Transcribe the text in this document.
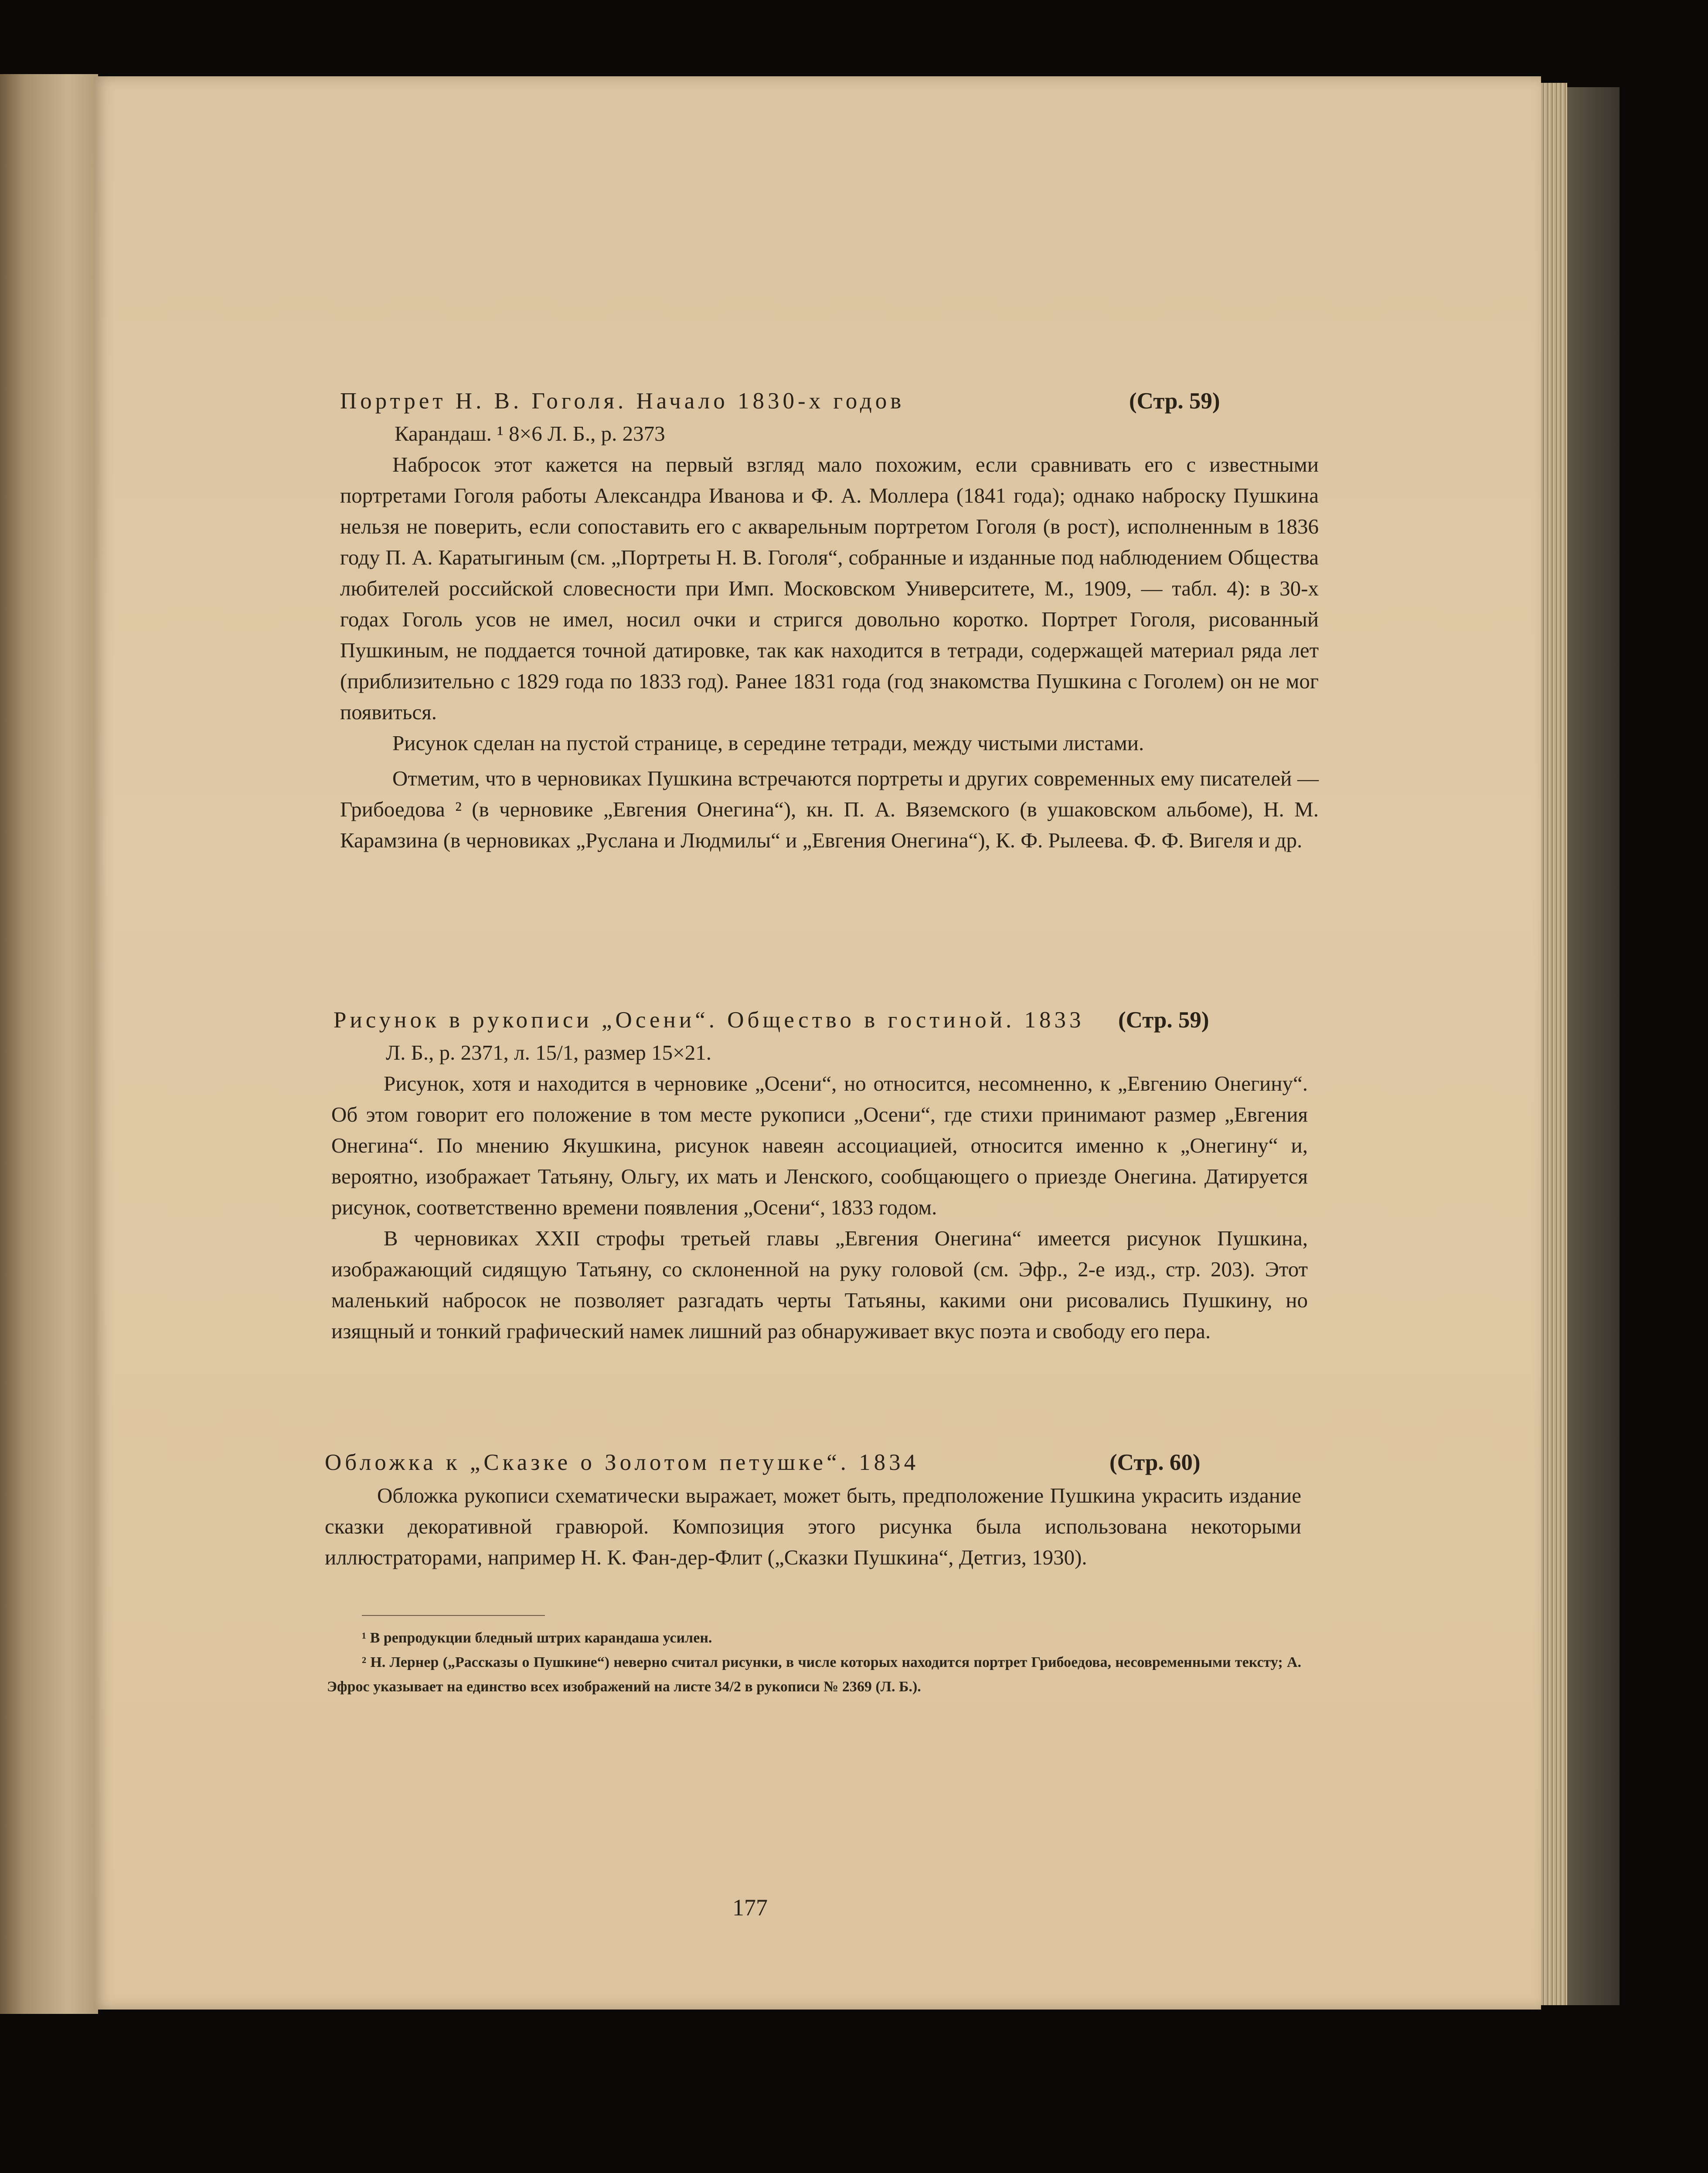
Портрет Н. В. Гоголя. Начало 1830-х годов	(Стр. 59)
Карандаш. ¹ 8×6 Л. Б., р. 2373

Набросок этот кажется на первый взгляд мало похожим, если сравнивать его с известными портретами Гоголя работы Александра Иванова и Ф. А. Моллера (1841 года); однако наброску Пушкина нельзя не поверить, если сопоставить его с акварельным портретом Гоголя (в рост), исполненным в 1836 году П. А. Каратыгиным (см. „Портреты Н. В. Гоголя“, собранные и изданные под наблюдением Общества любителей российской словесности при Имп. Московском Университете, М., 1909, — табл. 4): в 30-х годах Гоголь усов не имел, носил очки и стригся довольно коротко. Портрет Гоголя, рисованный Пушкиным, не поддается точной датировке, так как находится в тетради, содержащей материал ряда лет (приблизительно с 1829 года по 1833 год). Ранее 1831 года (год знакомства Пушкина с Гоголем) он не мог появиться.

Рисунок сделан на пустой странице, в середине тетради, между чистыми листами.

Отметим, что в черновиках Пушкина встречаются портреты и других современных ему писателей — Грибоедова ² (в черновике „Евгения Онегина“), кн. П. А. Вяземского (в ушаковском альбоме), Н. М. Карамзина (в черновиках „Руслана и Людмилы“ и „Евгения Онегина“), К. Ф. Рылеева. Ф. Ф. Вигеля и др.

Рисунок в рукописи „Осени“. Общество в гостиной. 1833 (Стр. 59)
Л. Б., р. 2371, л. 15/1, размер 15×21.

Рисунок, хотя и находится в черновике „Осени“, но относится, несомненно, к „Евгению Онегину“. Об этом говорит его положение в том месте рукописи „Осени“, где стихи принимают размер „Евгения Онегина“. По мнению Якушкина, рисунок навеян ассоциацией, относится именно к „Онегину“ и, вероятно, изображает Татьяну, Ольгу, их мать и Ленского, сообщающего о приезде Онегина. Датируется рисунок, соответственно времени появления „Осени“, 1833 годом.

В черновиках XXII строфы третьей главы „Евгения Онегина“ имеется рисунок Пушкина, изображающий сидящую Татьяну, со склоненной на руку головой (см. Эфр., 2-е изд., стр. 203). Этот маленький набросок не позволяет разгадать черты Татьяны, какими они рисовались Пушкину, но изящный и тонкий графический намек лишний раз обнаруживает вкус поэта и свободу его пера.

Обложка к „Сказке о Золотом петушке“. 1834	(Стр. 60)

Обложка рукописи схематически выражает, может быть, предположение Пушкина украсить издание сказки декоративной гравюрой. Композиция этого рисунка была использована некоторыми иллюстраторами, например Н. К. Фан-дер-Флит („Сказки Пушкина“, Детгиз, 1930).

¹ В репродукции бледный штрих карандаша усилен.

² Н. Лернер („Рассказы о Пушкине“) неверно считал рисунки, в числе которых находится портрет Грибоедова, несовременными тексту; А. Эфрос указывает на единство всех изображений на листе 34/2 в рукописи № 2369 (Л. Б.).

177
